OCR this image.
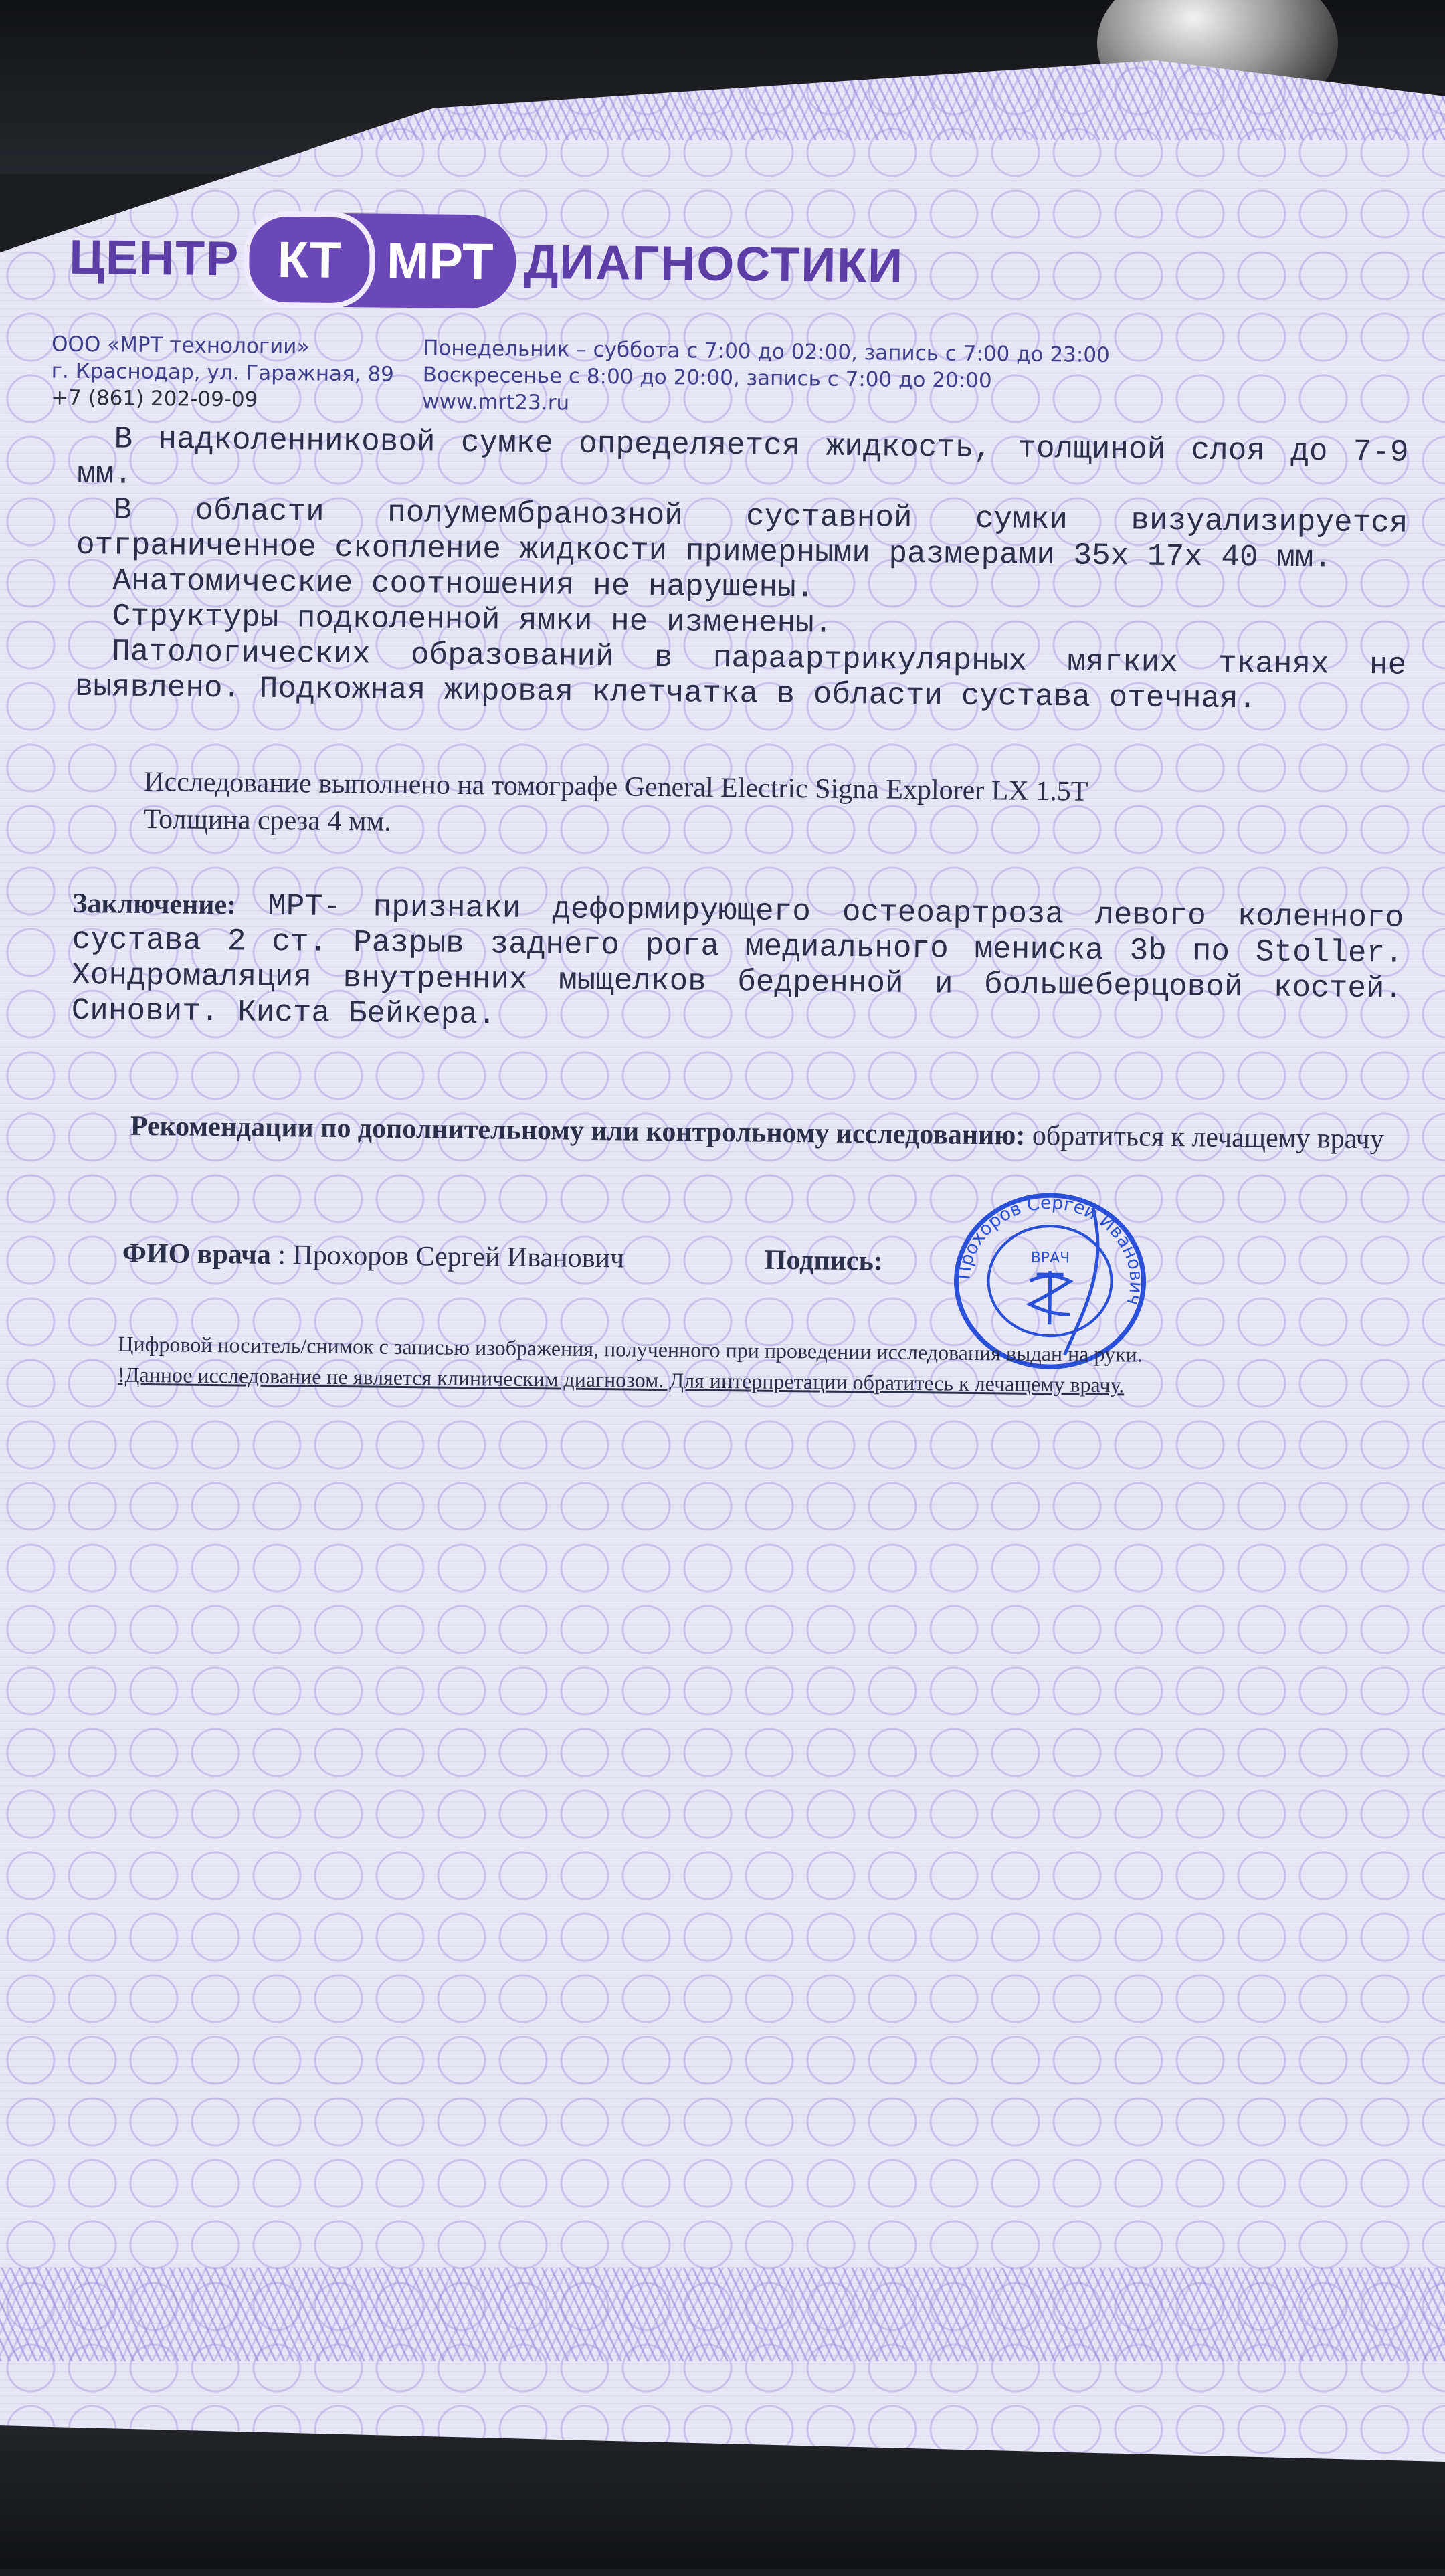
ЦЕНТР КТ МРТ ДИАГНОСТИКИ
ООО «МРТ технологии»
г. Краснодар, ул. Гаражная, 89
+7 (861) 202-09-09
Понедельник – суббота с 7:00 до 02:00, запись с 7:00 до 23:00
Воскресенье с 8:00 до 20:00, запись с 7:00 до 20:00
www.mrt23.ru
В надколенниковой сумке определяется жидкость, толщиной слоя до 7-9 мм.
В области полумембранозной суставной сумки визуализируется отграниченное скопление жидкости примерными размерами 35x 17x 40 мм.
Анатомические соотношения не нарушены.
Структуры подколенной ямки не изменены.
Патологических образований в параартрикулярных мягких тканях не выявлено. Подкожная жировая клетчатка в области сустава отечная.
Исследование выполнено на томографе General Electric Signa Explorer LX 1.5T
Толщина среза 4 мм.
Заключение: МРТ- признаки деформирующего остеоартроза левого коленного сустава 2 ст. Разрыв заднего рога медиального мениска 3b по Stoller. Хондромаляция внутренних мыщелков бедренной и большеберцовой костей. Синовит. Киста Бейкера.
Рекомендации по дополнительному или контрольному исследованию: обратиться к лечащему врачу
ФИО врача : Прохоров Сергей Иванович	Подпись:	Прохоров Сергей Иванович
ВРАЧ
Цифровой носитель/снимок с записью изображения, полученного при проведении исследования выдан на руки.
!Данное исследование не является клиническим диагнозом. Для интерпретации обратитесь к лечащему врачу.
